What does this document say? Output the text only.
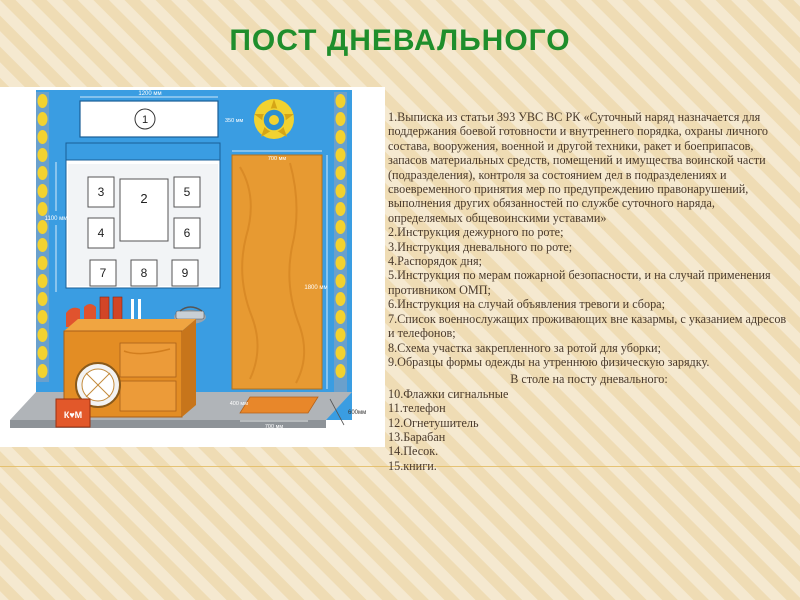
ПОСТ ДНЕВАЛЬНОГО
1200 мм
1	350 мм
1100 мм
3
4
2	5
6
7	8	9
700 мм
1800 мм
К♥М
400 мм
700 мм
600мм

1.Выписка из статьи 393 УВС ВС РК «Суточный наряд назначается для поддержания боевой готовности и внутреннего порядка, охраны личного состава, вооружения, военной и другой техники, ракет и боеприпасов, запасов материальных средств, помещений и имущества воинской части (подразделения), контроля за состоянием дел в подразделениях и своевременного принятия мер по предупреждению правонарушений, выполнения других обязанностей по службе суточного наряда, определяемых общевоинскими уставами»

2.Инструкция дежурного по роте;

3.Инструкция дневального по роте;

4.Распорядок дня;

5.Инструкция по мерам пожарной безопасности, и на случай применения противником ОМП;

6.Инструкция на случай объявления тревоги и сбора;

7.Список военнослужащих проживающих вне казармы, с указанием адресов и телефонов;

8.Схема участка закрепленного за ротой для уборки;

9.Образцы формы одежды на утреннюю физическую зарядку.

В столе на посту дневального:

10.Флажки сигнальные

11.телефон

12.Огнетушитель

13.Барабан

14.Песок.

15.книги.
